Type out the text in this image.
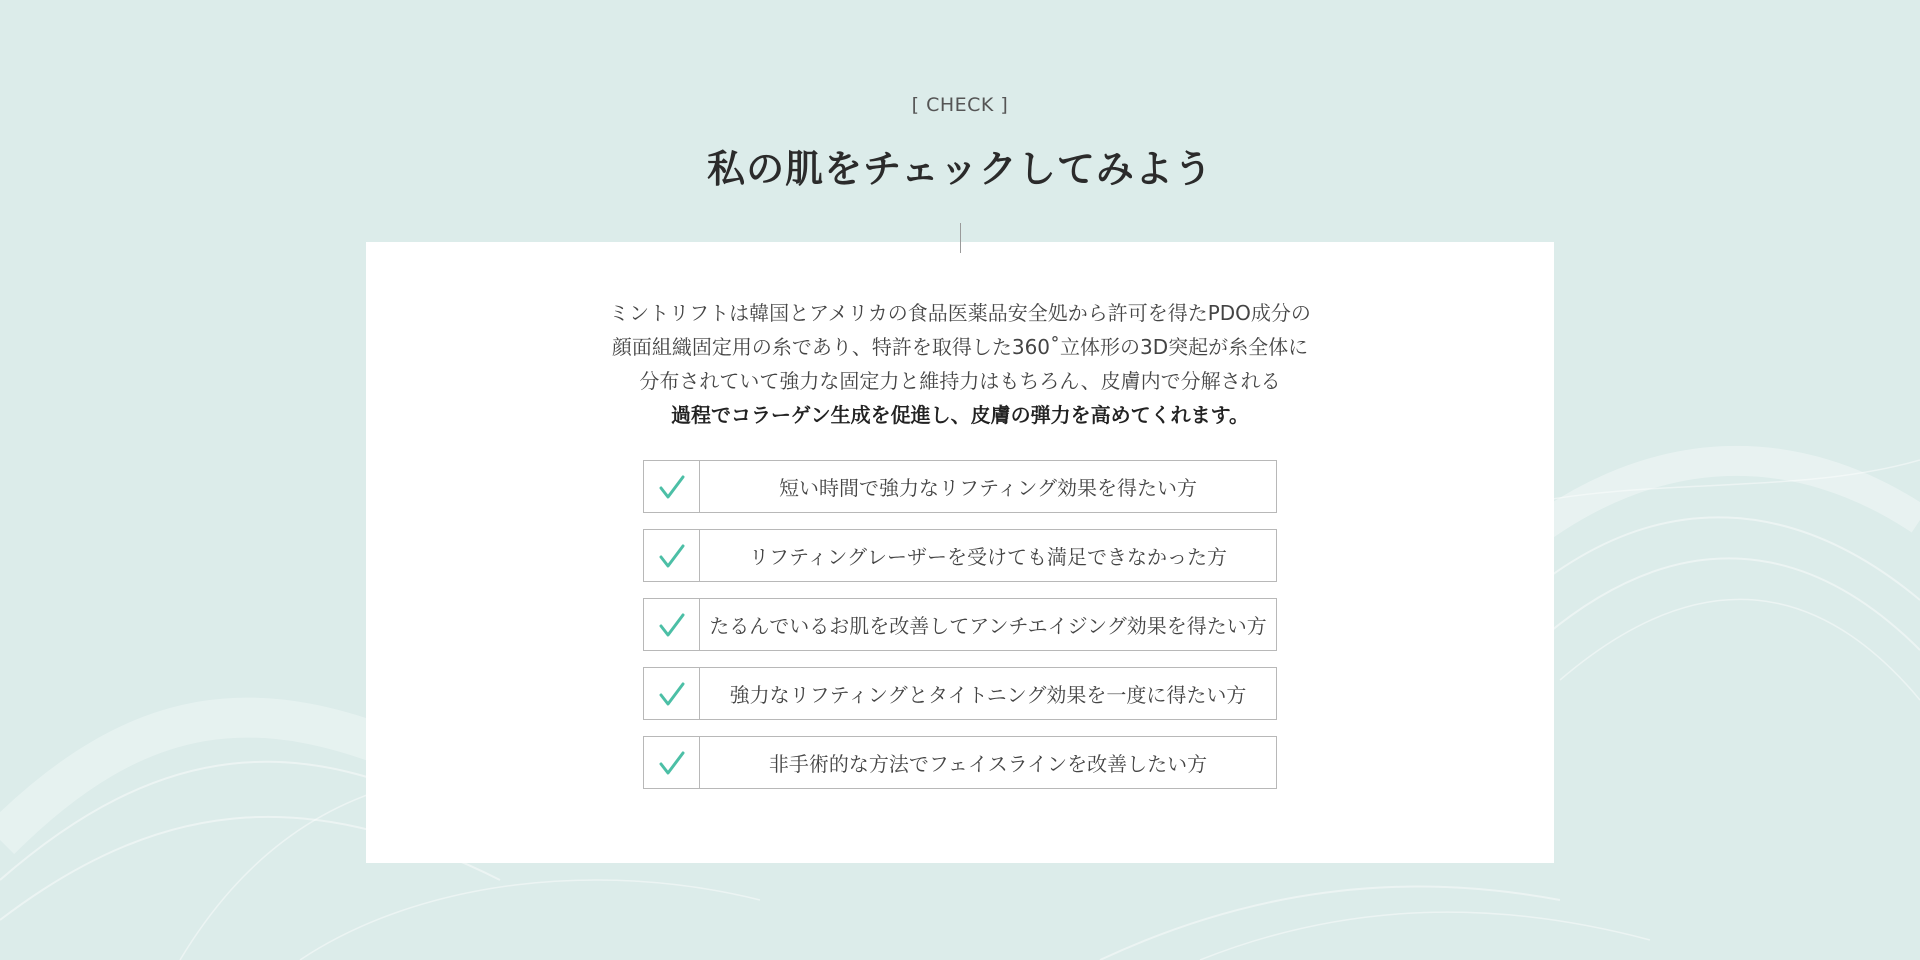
[ CHECK ]
私の肌をチェックしてみよう
ミントリフトは韓国とアメリカの食品医薬品安全処から許可を得たPDO成分の
顔面組織固定用の糸であり、特許を取得した360˚立体形の3D突起が糸全体に
分布されていて強力な固定力と維持力はもちろん、皮膚内で分解される
過程でコラーゲン生成を促進し、皮膚の弾力を高めてくれます。
短い時間で強力なリフティング効果を得たい方
リフティングレーザーを受けても満足できなかった方
たるんでいるお肌を改善してアンチエイジング効果を得たい方
強力なリフティングとタイトニング効果を一度に得たい方
非手術的な方法でフェイスラインを改善したい方
